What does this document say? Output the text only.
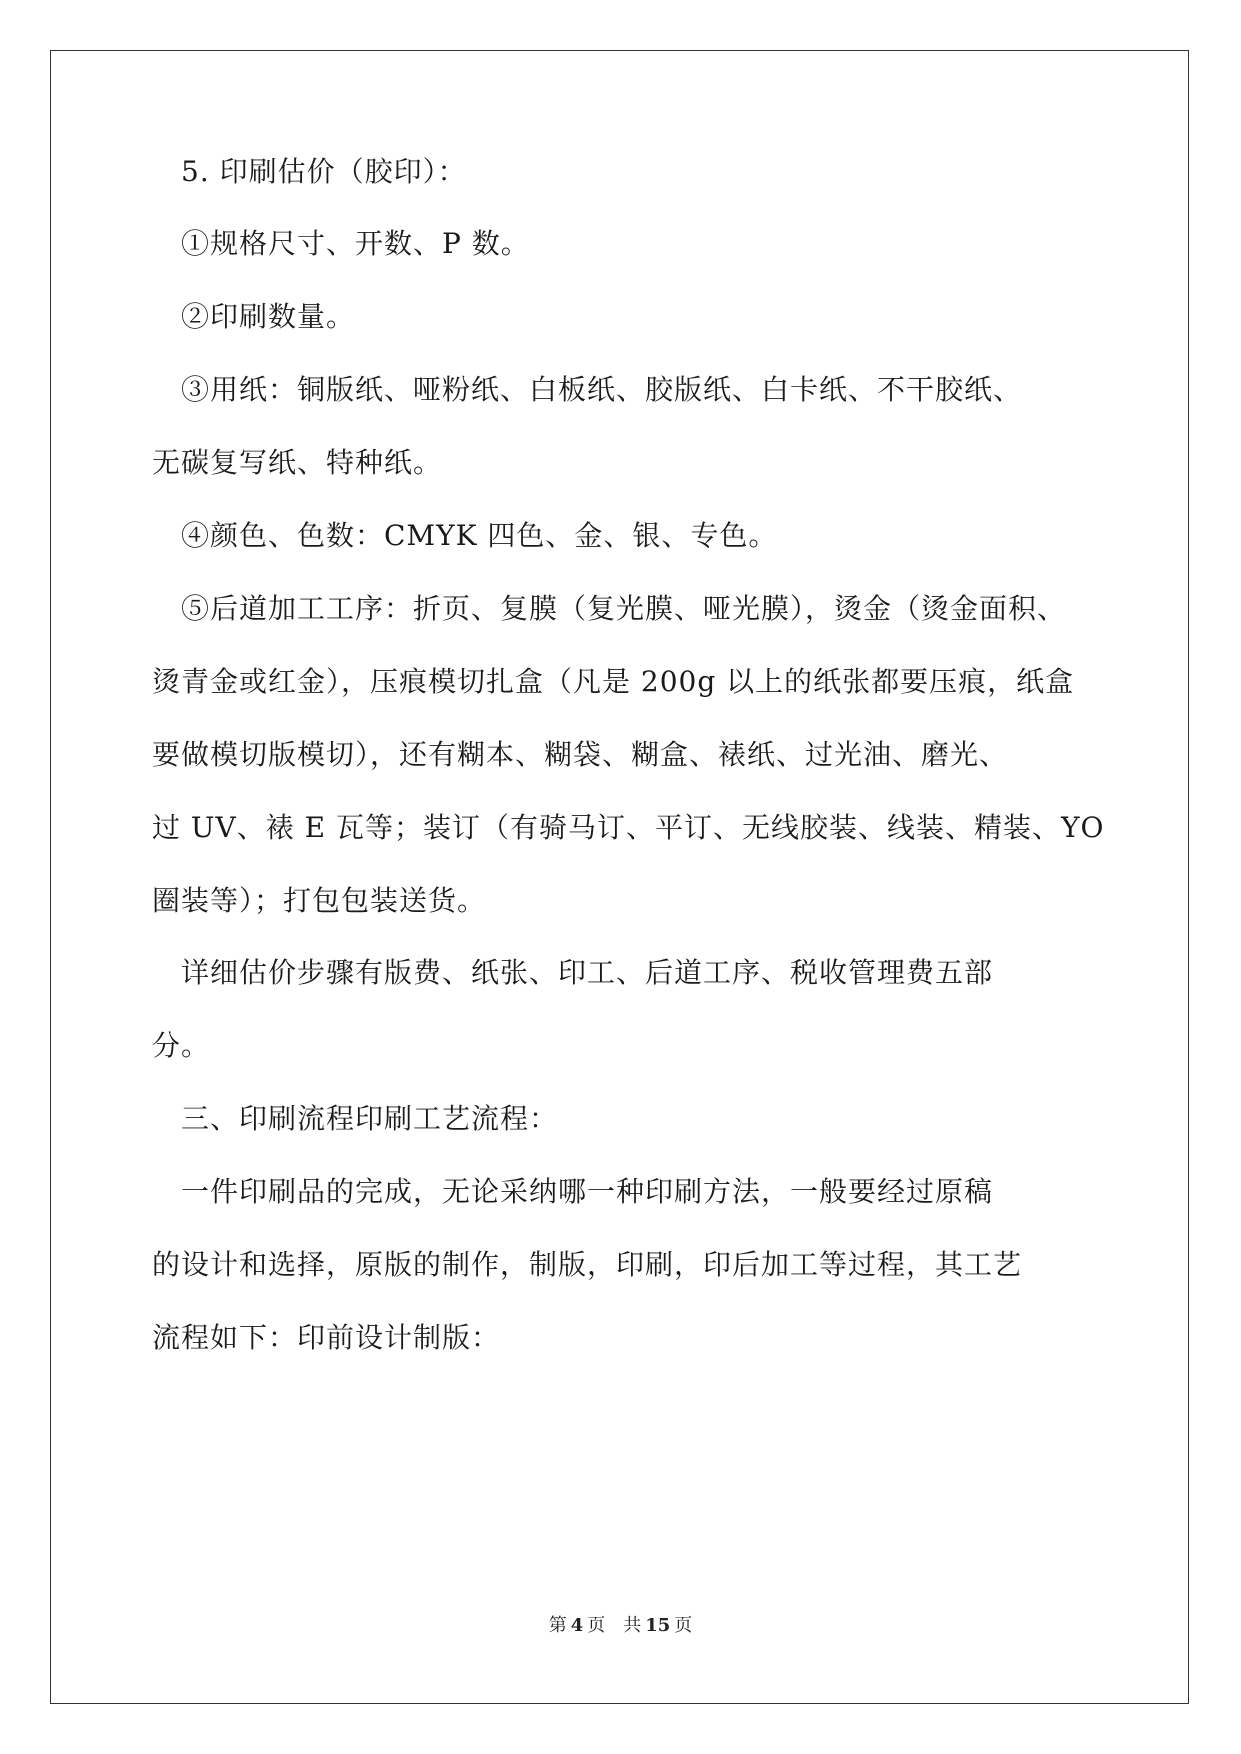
　5. 印刷估价（胶印）：

　①规格尺寸、开数、P 数。

　②印刷数量。

　③用纸：铜版纸、哑粉纸、白板纸、胶版纸、白卡纸、不干胶纸、
无碳复写纸、特种纸。

　④颜色、色数：CMYK 四色、金、银、专色。

　⑤后道加工工序：折页、复膜（复光膜、哑光膜），烫金（烫金面积、
烫青金或红金），压痕模切扎盒（凡是 200g 以上的纸张都要压痕，纸盒
要做模切版模切），还有糊本、糊袋、糊盒、裱纸、过光油、磨光、
过 UV、裱 E 瓦等；装订（有骑马订、平订、无线胶装、线装、精装、YO
圈装等）；打包包装送货。

　详细估价步骤有版费、纸张、印工、后道工序、税收管理费五部
分。

　三、印刷流程印刷工艺流程：

　一件印刷品的完成，无论采纳哪一种印刷方法，一般要经过原稿
的设计和选择，原版的制作，制版，印刷，印后加工等过程，其工艺
流程如下：印前设计制版：

第 4 页 共 15 页
